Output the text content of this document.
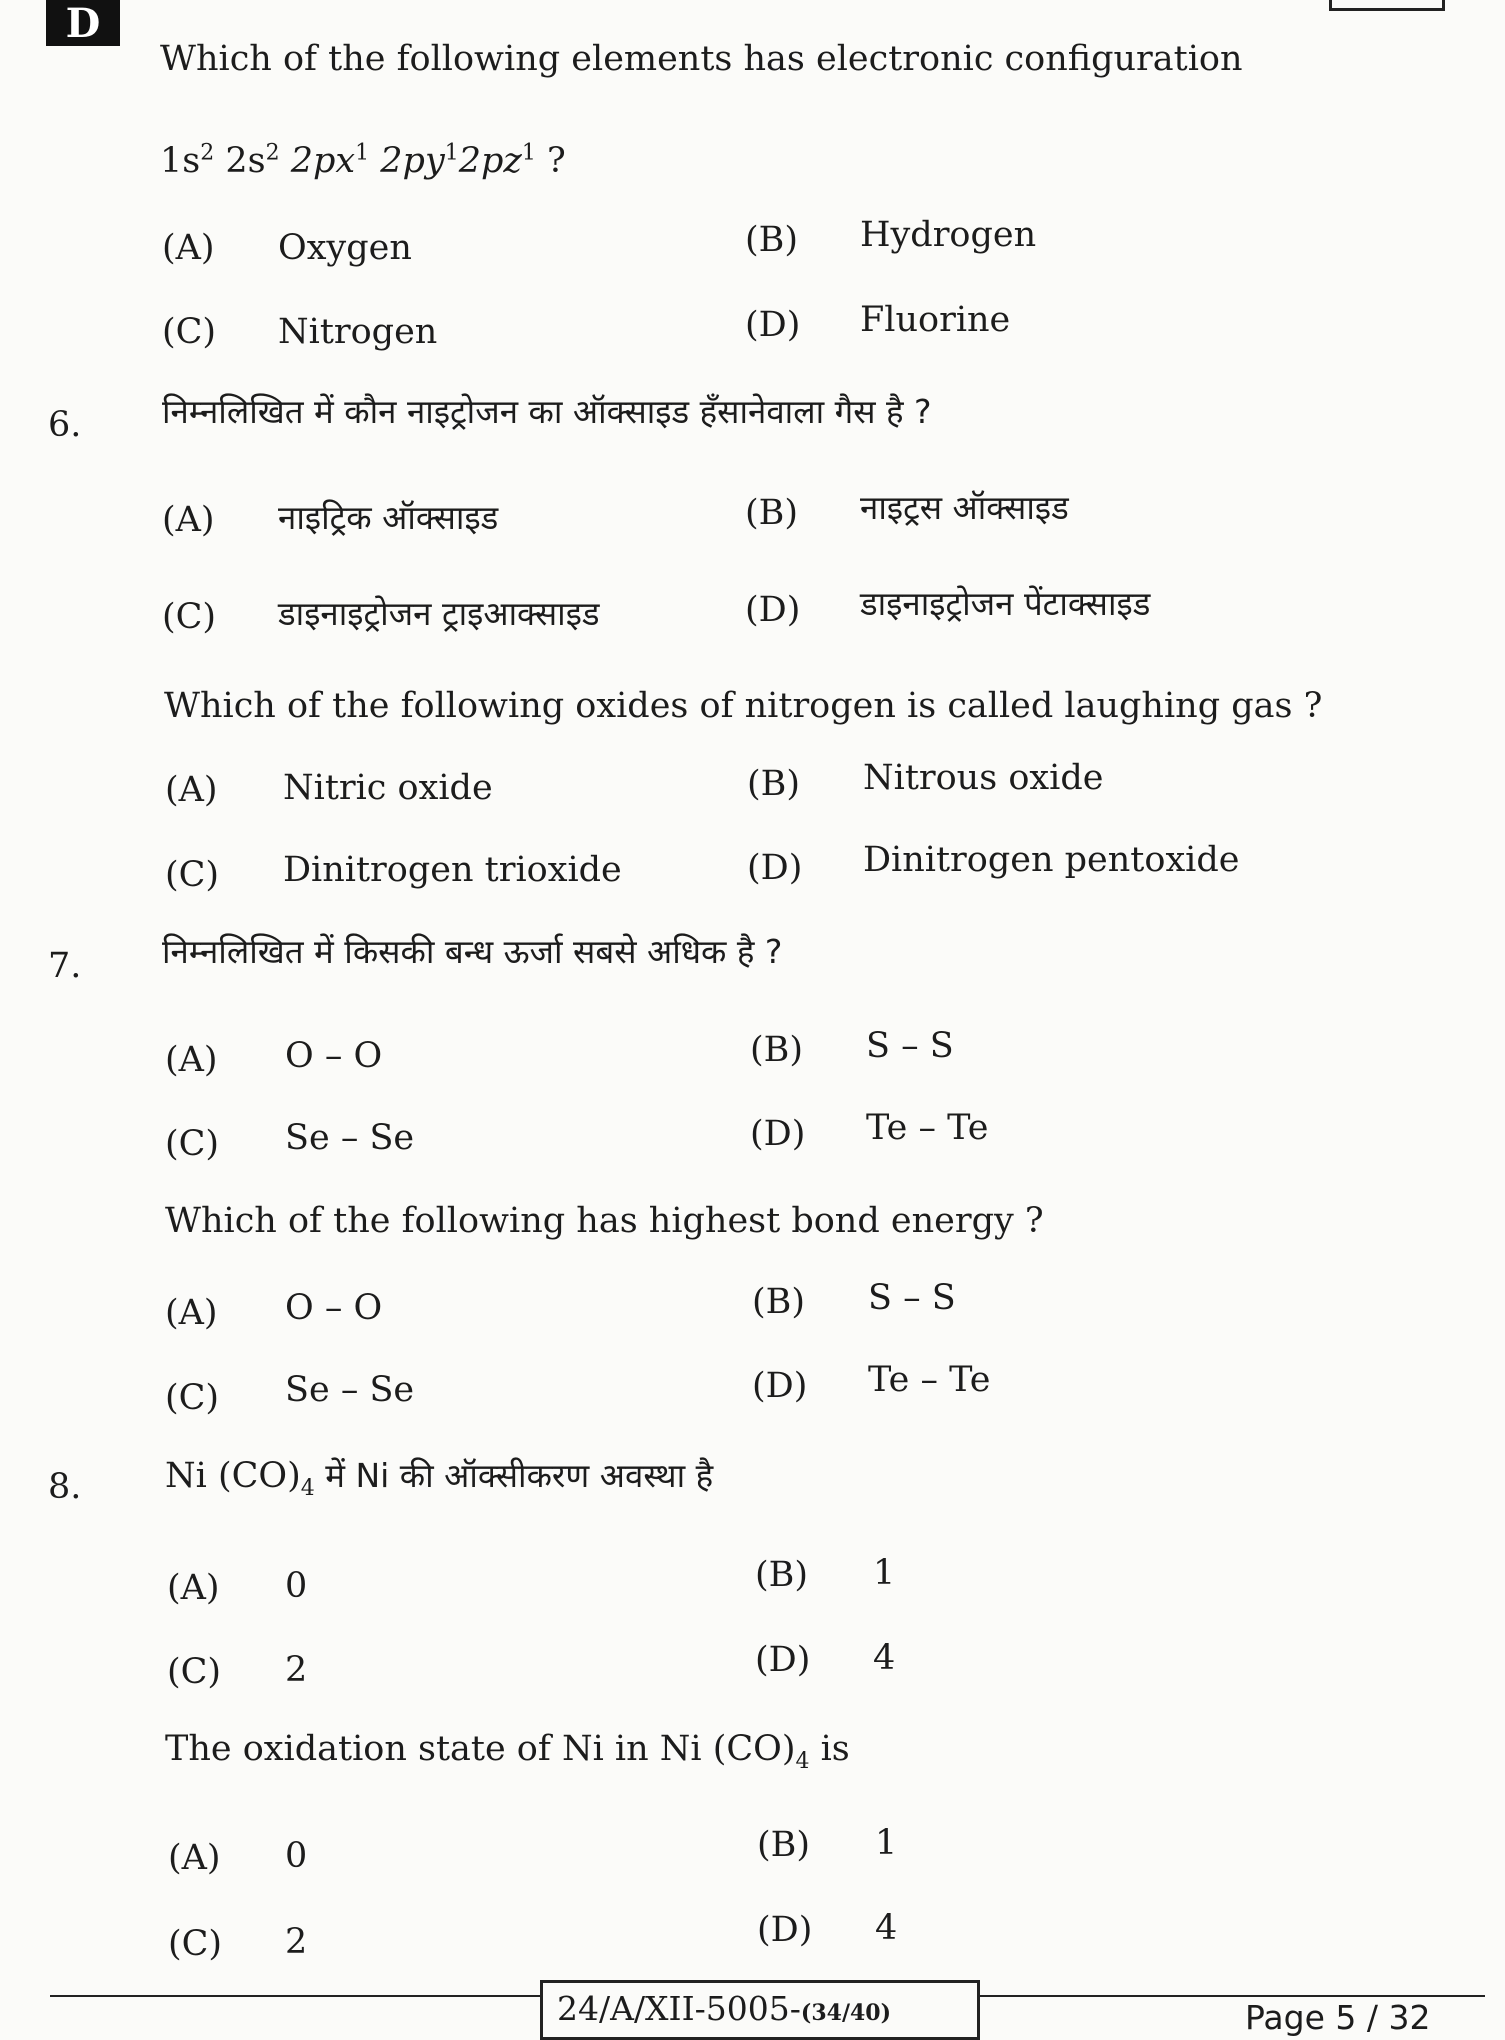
D
Which of the following elements has electronic configuration
$1s^2$ $2s^2$ $2px^1$ $2py^12pz^1$ ?
(A) Oxygen	(B) Hydrogen
(C) Nitrogen	(D) Fluorine
6. निम्नलिखित में कौन नाइट्रोजन का ऑक्साइड हँसानेवाला गैस है ?
(A) नाइट्रिक ऑक्साइड	(B) नाइट्रस ऑक्साइड
(C) डाइनाइट्रोजन ट्राइआक्साइड	(D) डाइनाइट्रोजन पेंटाक्साइड
Which of the following oxides of nitrogen is called laughing gas ?
(A) Nitric oxide	(B) Nitrous oxide
(C) Dinitrogen trioxide	(D) Dinitrogen pentoxide
7. निम्नलिखित में किसकी बन्ध ऊर्जा सबसे अधिक है ?
(A) O – O	(B) S – S
(C) Se – Se	(D) Te – Te
Which of the following has highest bond energy ?
(A) O – O	(B) S – S
(C) Se – Se	(D) Te – Te
8. Ni $(CO)_4$ में Ni की ऑक्सीकरण अवस्था है
(A) 0	(B) 1
(C) 2	(D) 4
The oxidation state of Ni in Ni $(CO)_4$ is
(A) 0	(B) 1
(C) 2	(D) 4
24/A/XII-5005-(34/40)	Page 5 / 32
